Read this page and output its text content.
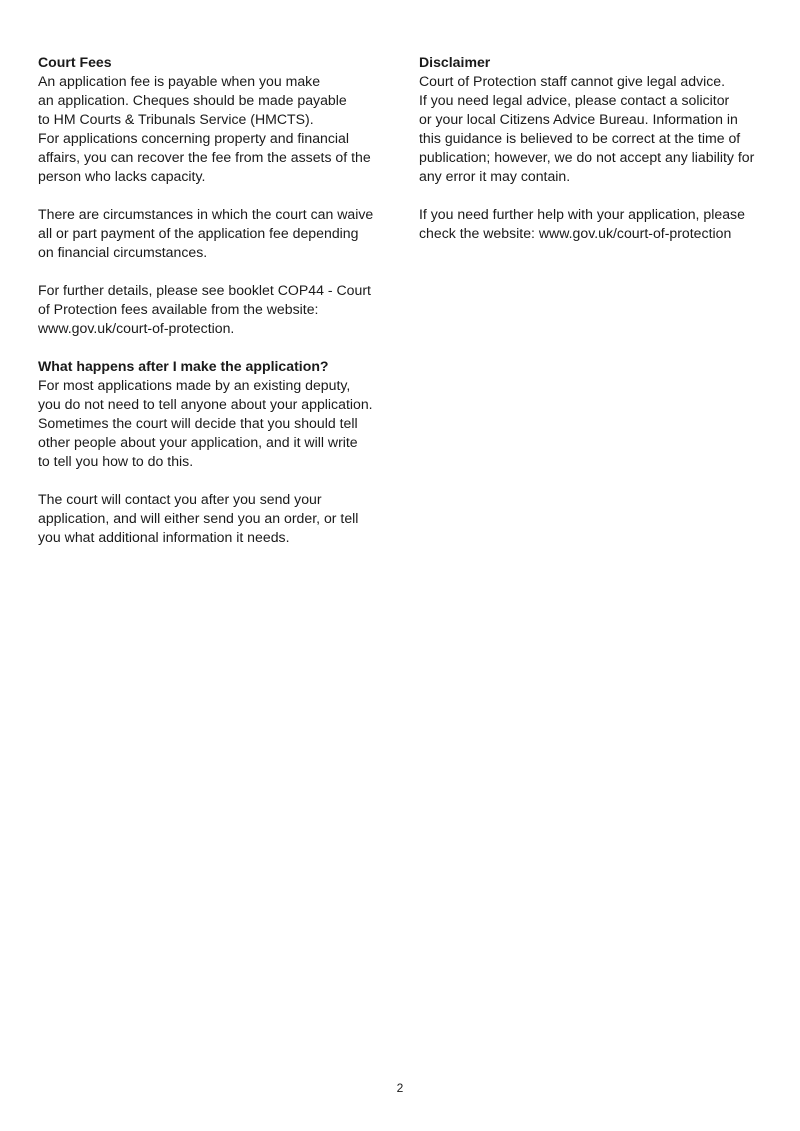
Court Fees

An application fee is payable when you make
an application. Cheques should be made payable
to HM Courts & Tribunals Service (HMCTS).
For applications concerning property and financial
affairs, you can recover the fee from the assets of the
person who lacks capacity.

There are circumstances in which the court can waive
all or part payment of the application fee depending
on financial circumstances.

For further details, please see booklet COP44 - Court
of Protection fees available from the website:
www.gov.uk/court-of-protection.

What happens after I make the application?

For most applications made by an existing deputy,
you do not need to tell anyone about your application.
Sometimes the court will decide that you should tell
other people about your application, and it will write
to tell you how to do this.

The court will contact you after you send your
application, and will either send you an order, or tell
you what additional information it needs.

Disclaimer

Court of Protection staff cannot give legal advice.
If you need legal advice, please contact a solicitor
or your local Citizens Advice Bureau. Information in
this guidance is believed to be correct at the time of
publication; however, we do not accept any liability for
any error it may contain.

If you need further help with your application, please
check the website: www.gov.uk/court-of-protection

2
